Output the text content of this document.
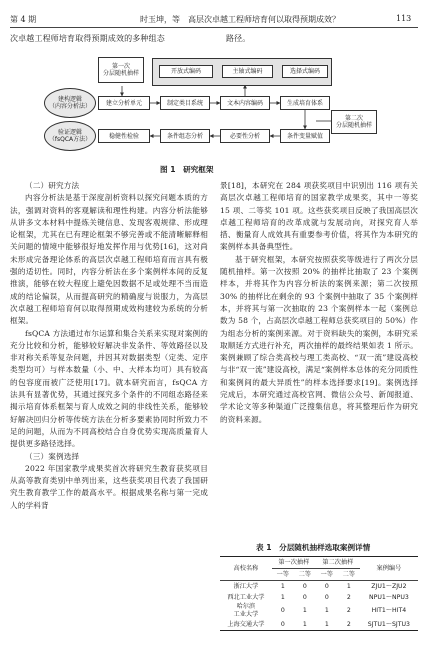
第 4 期	时玉坤，等　高层次卓越工程师培育何以取得预期成效？	113
次卓越工程师培育取得预期成效的多种组态	路径。
第一次
分层随机抽样	开放式编码	主轴式编码	选择式编码
建构逻辑
（内容分析法）	建立分析单元	制定类目系统	文本内容编码	生成培育体系
第二次
分层随机抽样
验证逻辑
（fsQCA方法）	稳健性检验	条件组态分析	必要性分析	条件变量赋值
图 1　研究框架

（二）研究方法

内容分析法是基于深度剖析资料以探究问题本质的方法，强调对资料的客观解读和理性构建。内容分析法能够从讲多文本材料中提炼关键信息、发现客观规律、形成理论框架，尤其在已有理论框架不够完善或不能清晰解释相关问题的情境中能够很好地发挥作用与优势[16]，这对尚未形成完备理论体系的高层次卓越工程师培育而言具有极强的适切性。同时，内容分析法在多个案例样本间的反复推演，能够在较大程度上避免因数据不足或处理不当而造成的结论偏误，从而提高研究的精确度与说服力，为高层次卓越工程师培育何以取得预期成效构建较为系统的分析框架。

fsQCA 方法通过布尔运算和集合关系来实现对案例的充分比较和分析，能够较好解决非发条件、等效路径以及非对称关系等复杂问题，并因其对数据类型（定类、定序类型均可）与样本数量（小、中、大样本均可）具有较高的包容度而被广泛使用[17]。就本研究而言，fsQCA 方法具有显著优势，其通过探究多个条件的不同组态路径来揭示培育体系框架与育人成效之间的非线性关系，能够较好解决回归分析等传统方法在分析多要素协同时所致力不足的问题，从而为不同高校结合自身优势实现高质量育人提供更多路径选择。

（三）案例选择

2022 年国家教学成果奖首次将研究生教育获奖项目从高等教育类别中单列出来，这些获奖项目代表了我国研究生教育教学工作的最高水平。根据成果名称与第一完成人的学科背

景[18]，本研究在 284 项获奖项目中识别出 116 项有关高层次卓越工程师培育的国家教学成果奖，其中一等奖 15 项、二等奖 101 项。这些获奖项目反映了我国高层次卓越工程师培育的改革成就与发展动向，对探究育人举措、衡量育人成效具有重要参考价值，将其作为本研究的案例样本具备典型性。

基于研究框架，本研究按照获奖等级进行了两次分层随机抽样。第一次按照 20% 的抽样比抽取了 23 个案例样本，并将其作为内容分析法的案例来源；第二次按照 30% 的抽样比在剩余的 93 个案例中抽取了 35 个案例样本，并将其与第一次抽取的 23 个案例样本一起（案例总数为 58 个，占高层次卓越工程师总获奖项目的 50%）作为组态分析的案例来源。对于资料缺失的案例，本研究采取顺延方式进行补充，两次抽样的最终结果如表 1 所示。案例兼顾了综合类高校与理工类高校、“双一流”建设高校与非“双一流”建设高校，满足“案例样本总体的充分同质性和案例间的最大异质性”的样本选择要求[19]。案例选择完成后，本研究通过高校官网、微信公众号、新闻报道、学术论文等多种渠道广泛搜集信息，将其整理后作为研究的资料来源。

表 1　分层随机抽样选取案例详情
高校名称	第一次抽样		第二次抽样		案例编号
	一等	二等	一等	二等	
浙江大学	1	0	0	1	ZJU1～ZJU2
西北工业大学	1	0	0	2	NPU1～NPU3
哈尔滨
工业大学	0	1	1	2	HIT1～HIT4
上海交通大学	0	1	1	2	SJTU1～SJTU3
